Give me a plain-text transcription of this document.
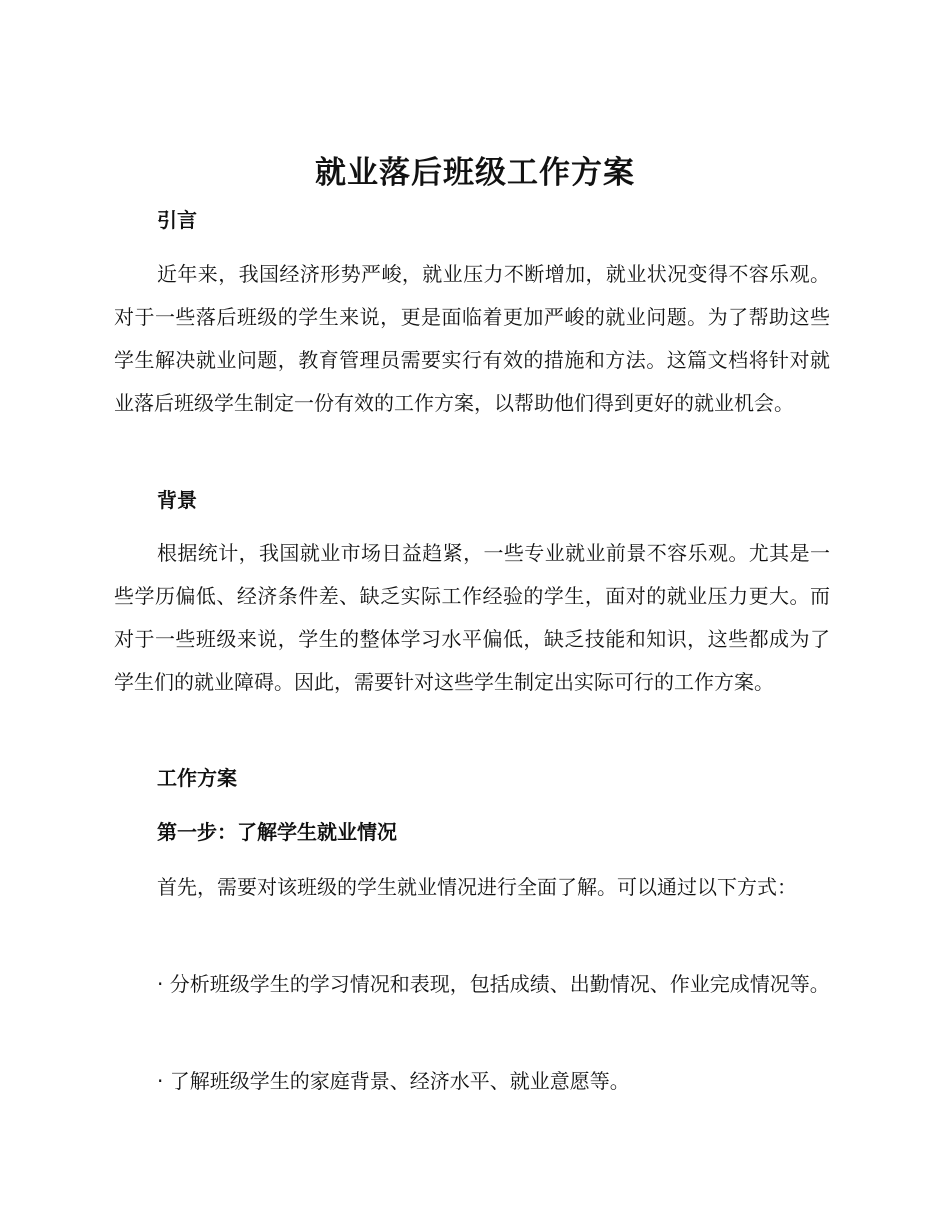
就业落后班级工作方案
引言

近年来，我国经济形势严峻，就业压力不断增加，就业状况变得不容乐观。对于一些落后班级的学生来说，更是面临着更加严峻的就业问题。为了帮助这些学生解决就业问题，教育管理员需要实行有效的措施和方法。这篇文档将针对就业落后班级学生制定一份有效的工作方案，以帮助他们得到更好的就业机会。

背景

根据统计，我国就业市场日益趋紧，一些专业就业前景不容乐观。尤其是一些学历偏低、经济条件差、缺乏实际工作经验的学生，面对的就业压力更大。而对于一些班级来说，学生的整体学习水平偏低，缺乏技能和知识，这些都成为了学生们的就业障碍。因此，需要针对这些学生制定出实际可行的工作方案。

工作方案
第一步：了解学生就业情况

首先，需要对该班级的学生就业情况进行全面了解。可以通过以下方式：

· 分析班级学生的学习情况和表现，包括成绩、出勤情况、作业完成情况等。

· 了解班级学生的家庭背景、经济水平、就业意愿等。
